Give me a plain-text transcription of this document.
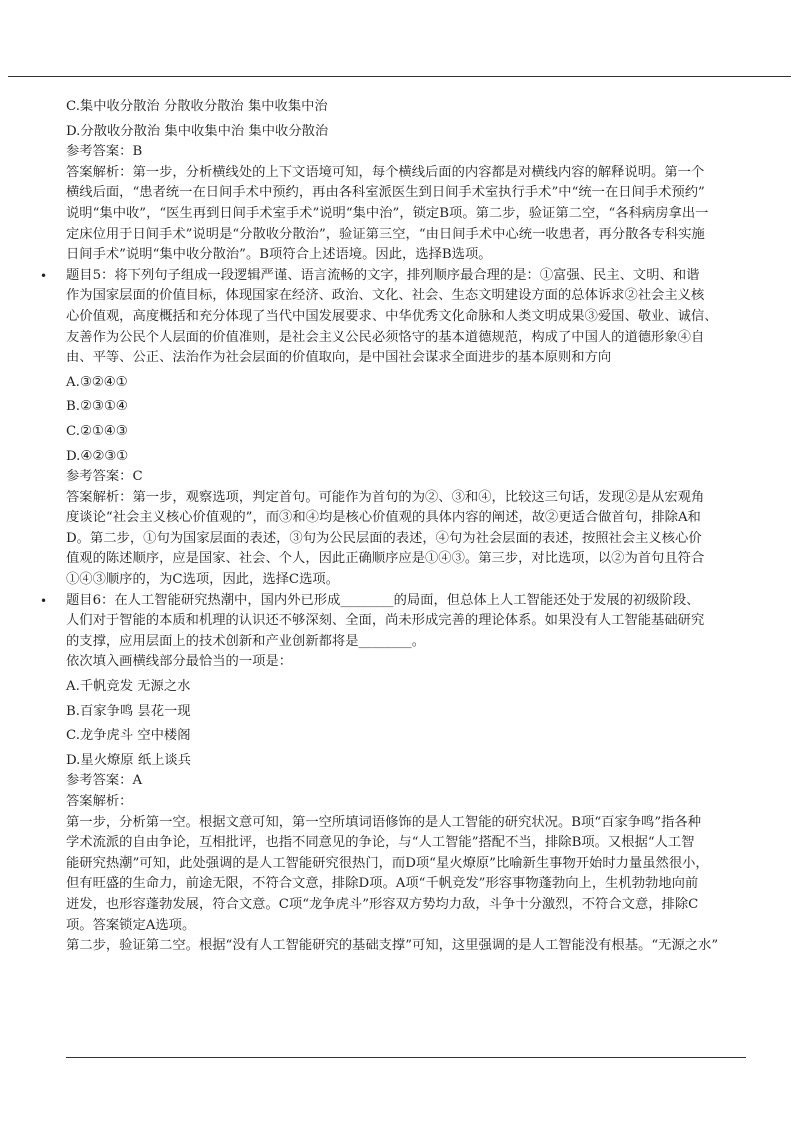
C.集中收分散治 分散收分散治 集中收集中治
D.分散收分散治 集中收集中治 集中收分散治
参考答案：B
答案解析：第一步，分析横线处的上下文语境可知，每个横线后面的内容都是对横线内容的解释说明。第一个
横线后面，“患者统一在日间手术中预约，再由各科室派医生到日间手术室执行手术”中“统一在日间手术预约”
说明“集中收”，“医生再到日间手术室手术”说明“集中治”，锁定B项。第二步，验证第二空，“各科病房拿出一
定床位用于日间手术”说明是“分散收分散治”，验证第三空，“由日间手术中心统一收患者，再分散各专科实施
日间手术”说明“集中收分散治”。B项符合上述语境。因此，选择B选项。
• 题目5：将下列句子组成一段逻辑严谨、语言流畅的文字，排列顺序最合理的是：①富强、民主、文明、和谐
作为国家层面的价值目标，体现国家在经济、政治、文化、社会、生态文明建设方面的总体诉求②社会主义核
心价值观，高度概括和充分体现了当代中国发展要求、中华优秀文化命脉和人类文明成果③爱国、敬业、诚信、
友善作为公民个人层面的价值准则，是社会主义公民必须恪守的基本道德规范，构成了中国人的道德形象④自
由、平等、公正、法治作为社会层面的价值取向，是中国社会谋求全面进步的基本原则和方向
A.③②④①
B.②③①④
C.②①④③
D.④②③①
参考答案：C
答案解析：第一步，观察选项，判定首句。可能作为首句的为②、③和④，比较这三句话，发现②是从宏观角
度谈论“社会主义核心价值观的”，而③和④均是核心价值观的具体内容的阐述，故②更适合做首句，排除A和
D。第二步，①句为国家层面的表述，③句为公民层面的表述，④句为社会层面的表述，按照社会主义核心价
值观的陈述顺序，应是国家、社会、个人，因此正确顺序应是①④③。第三步，对比选项，以②为首句且符合
①④③顺序的，为C选项，因此，选择C选项。
• 题目6：在人工智能研究热潮中，国内外已形成________的局面，但总体上人工智能还处于发展的初级阶段、
人们对于智能的本质和机理的认识还不够深刻、全面，尚未形成完善的理论体系。如果没有人工智能基础研究
的支撑，应用层面上的技术创新和产业创新都将是________。
依次填入画横线部分最恰当的一项是：
A.千帆竞发 无源之水
B.百家争鸣 昙花一现
C.龙争虎斗 空中楼阁
D.星火燎原 纸上谈兵
参考答案：A
答案解析：
第一步，分析第一空。根据文意可知，第一空所填词语修饰的是人工智能的研究状况。B项“百家争鸣”指各种
学术流派的自由争论，互相批评，也指不同意见的争论，与“人工智能”搭配不当，排除B项。又根据“人工智
能研究热潮”可知，此处强调的是人工智能研究很热门，而D项“星火燎原”比喻新生事物开始时力量虽然很小，
但有旺盛的生命力，前途无限，不符合文意，排除D项。A项“千帆竞发”形容事物蓬勃向上，生机勃勃地向前
迸发，也形容蓬勃发展，符合文意。C项“龙争虎斗”形容双方势均力敌，斗争十分激烈，不符合文意，排除C
项。答案锁定A选项。
第二步，验证第二空。根据“没有人工智能研究的基础支撑”可知，这里强调的是人工智能没有根基。“无源之水”
